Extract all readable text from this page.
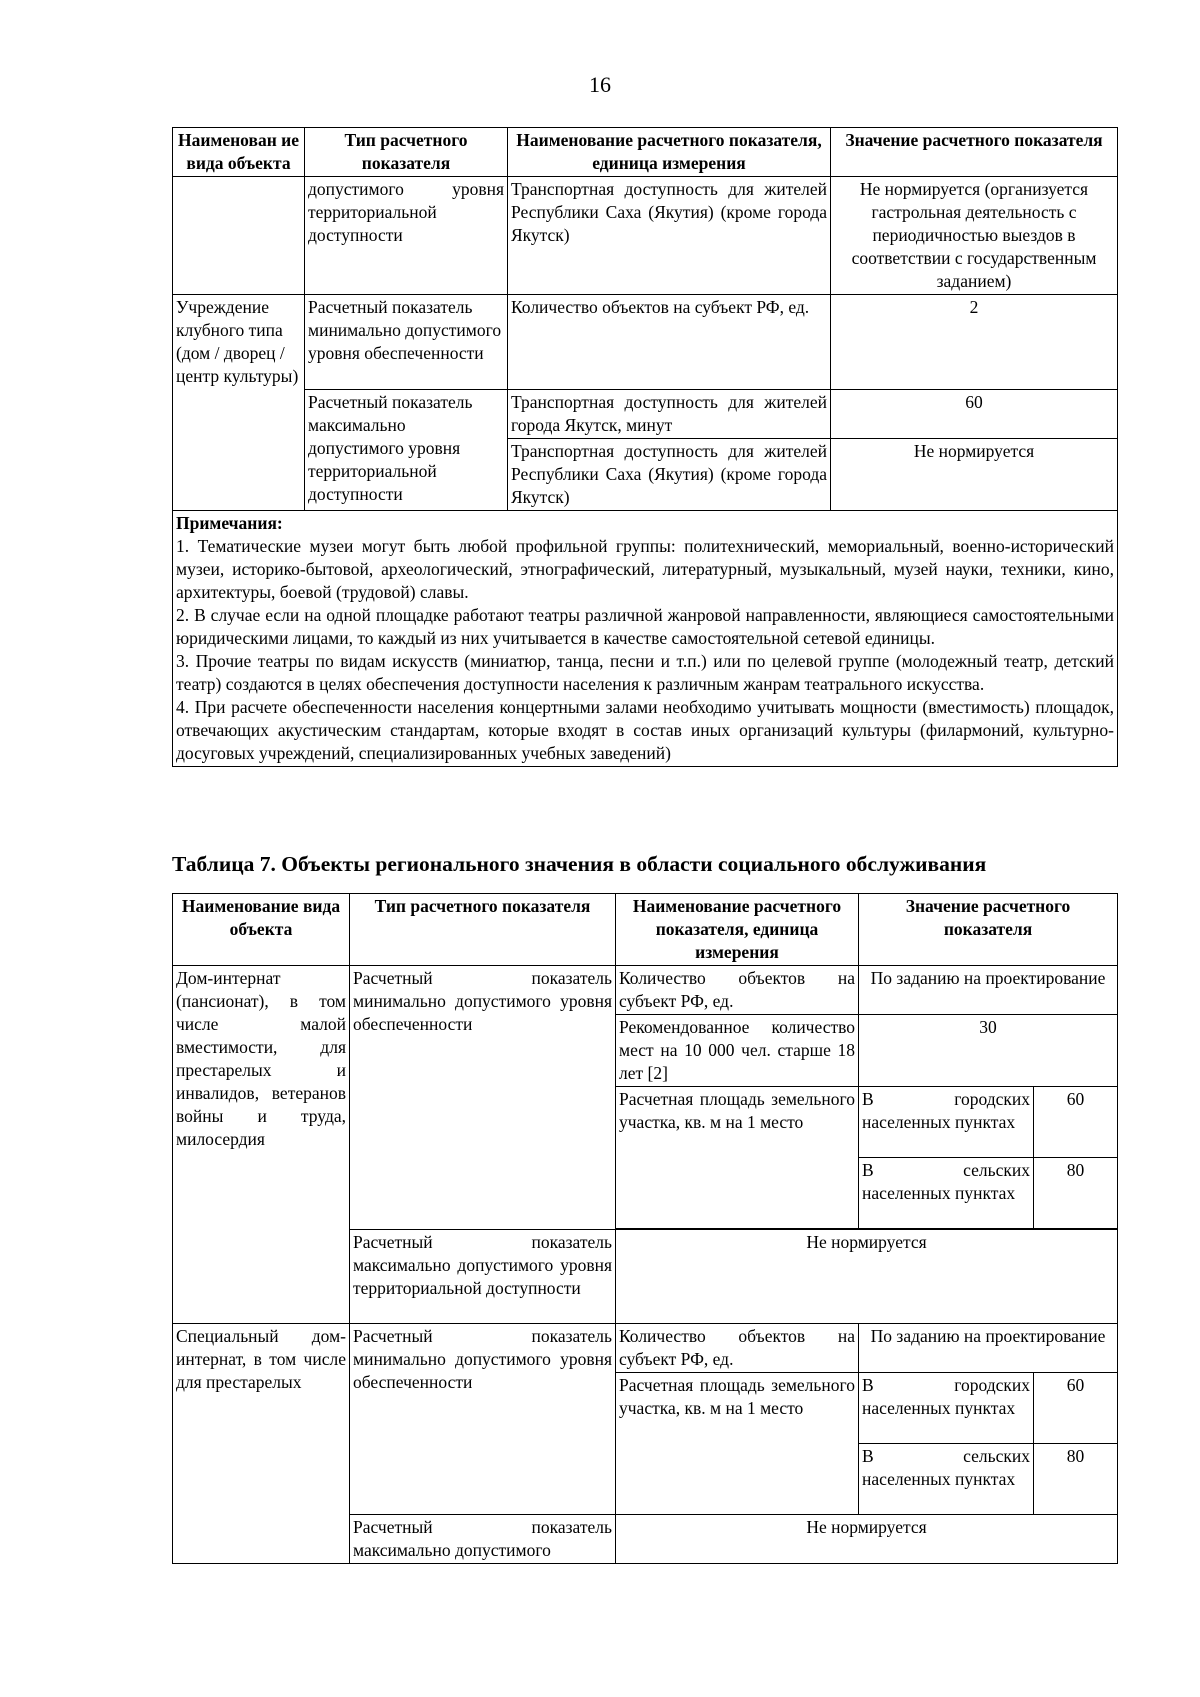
16
Наименован ие вида объекта	Тип расчетного показателя	Наименование расчетного показателя, единица измерения	Значение расчетного показателя
	допустимого уровня территориальной доступности	Транспортная доступность для жителей Республики Саха (Якутия) (кроме города Якутск)	Не нормируется (организуется гастрольная деятельность с периодичностью выездов в соответствии с государственным заданием)
Учреждение клубного типа (дом / дворец / центр культуры)	Расчетный показатель минимально допустимого уровня обеспеченности	Количество объектов на субъект РФ, ед.	2
	Расчетный показатель максимально допустимого уровня территориальной доступности	Транспортная доступность для жителей города Якутск, минут	60
		Транспортная доступность для жителей Республики Саха (Якутия) (кроме города Якутск)	Не нормируется

Примечания:
1. Тематические музеи могут быть любой профильной группы: политехнический, мемориальный, военно-исторический музеи, историко-бытовой, археологический, этнографический, литературный, музыкальный, музей науки, техники, кино, архитектуры, боевой (трудовой) славы.
2. В случае если на одной площадке работают театры различной жанровой направленности, являющиеся самостоятельными юридическими лицами, то каждый из них учитывается в качестве самостоятельной сетевой единицы.
3. Прочие театры по видам искусств (миниатюр, танца, песни и т.п.) или по целевой группе (молодежный театр, детский театр) создаются в целях обеспечения доступности населения к различным жанрам театрального искусства.
4. При расчете обеспеченности населения концертными залами необходимо учитывать мощности (вместимость) площадок, отвечающих акустическим стандартам, которые входят в состав иных организаций культуры (филармоний, культурно-досуговых учреждений, специализированных учебных заведений)			
Таблица 7. Объекты регионального значения в области социального обслуживания
Наименование вида объекта	Тип расчетного показателя	Наименование расчетного показателя, единица измерения	Значение расчетного показателя	
Дом-интернат (пансионат), в том числе малой вместимости, для престарелых и инвалидов, ветеранов войны и труда, милосердия	Расчетный показатель минимально допустимого уровня обеспеченности	Количество объектов на субъект РФ, ед.	По заданию на проектирование	
		Рекомендованное количество мест на 10 000 чел. старше 18 лет [2]	30	
		Расчетная площадь земельного участка, кв. м на 1 место	В городских населенных пунктах	60
			В сельских населенных пунктах	80

	Расчетный показатель максимально допустимого уровня территориальной доступности	Не нормируется		
Специальный дом-интернат, в том числе для престарелых	Расчетный показатель минимально допустимого уровня обеспеченности	Количество объектов на субъект РФ, ед.	По заданию на проектирование	
		Расчетная площадь земельного участка, кв. м на 1 место	В городских населенных пунктах	60
			В сельских населенных пунктах	80
	Расчетный показатель максимально допустимого	Не нормируется		
